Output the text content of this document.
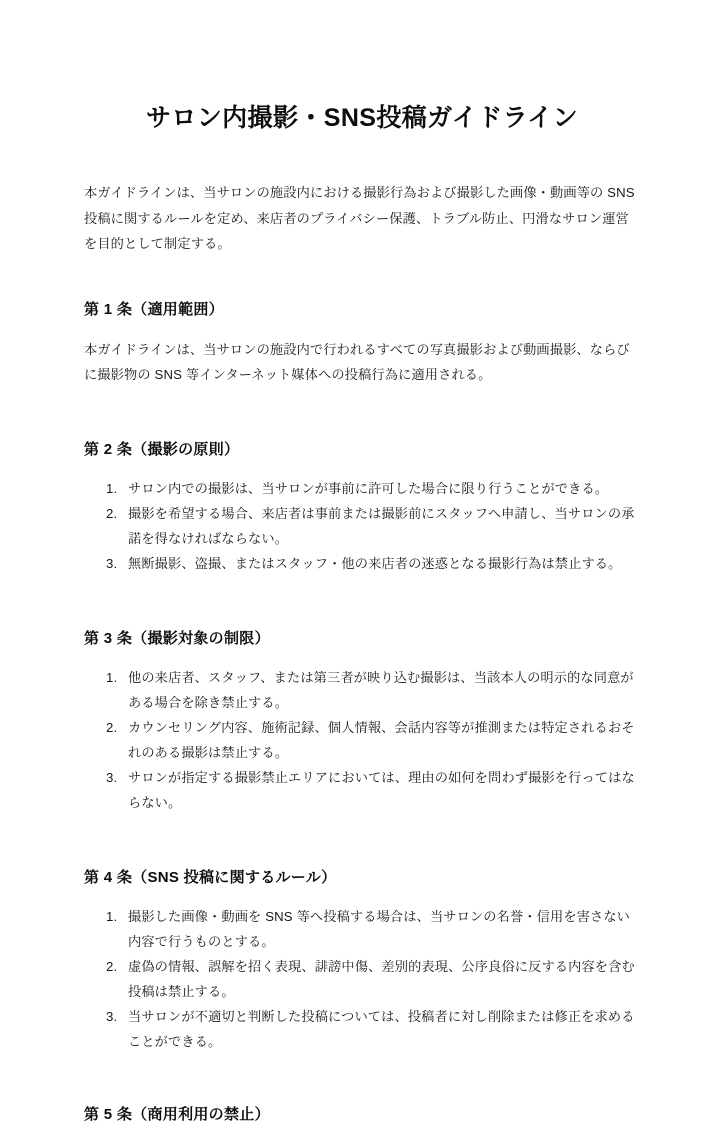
サロン内撮影・SNS投稿ガイドライン

本ガイドラインは、当サロンの施設内における撮影行為および撮影した画像・動画等の SNS 投稿に関するルールを定め、来店者のプライバシー保護、トラブル防止、円滑なサロン運営を目的として制定する。

第 1 条（適用範囲）

本ガイドラインは、当サロンの施設内で行われるすべての写真撮影および動画撮影、ならびに撮影物の SNS 等インターネット媒体への投稿行為に適用される。

第 2 条（撮影の原則）
サロン内での撮影は、当サロンが事前に許可した場合に限り行うことができる。
撮影を希望する場合、来店者は事前または撮影前にスタッフへ申請し、当サロンの承諾を得なければならない。
無断撮影、盗撮、またはスタッフ・他の来店者の迷惑となる撮影行為は禁止する。
第 3 条（撮影対象の制限）
他の来店者、スタッフ、または第三者が映り込む撮影は、当該本人の明示的な同意がある場合を除き禁止する。
カウンセリング内容、施術記録、個人情報、会話内容等が推測または特定されるおそれのある撮影は禁止する。
サロンが指定する撮影禁止エリアにおいては、理由の如何を問わず撮影を行ってはならない。
第 4 条（SNS 投稿に関するルール）
撮影した画像・動画を SNS 等へ投稿する場合は、当サロンの名誉・信用を害さない内容で行うものとする。
虚偽の情報、誤解を招く表現、誹謗中傷、差別的表現、公序良俗に反する内容を含む投稿は禁止する。
当サロンが不適切と判断した投稿については、投稿者に対し削除または修正を求めることができる。
第 5 条（商用利用の禁止）
